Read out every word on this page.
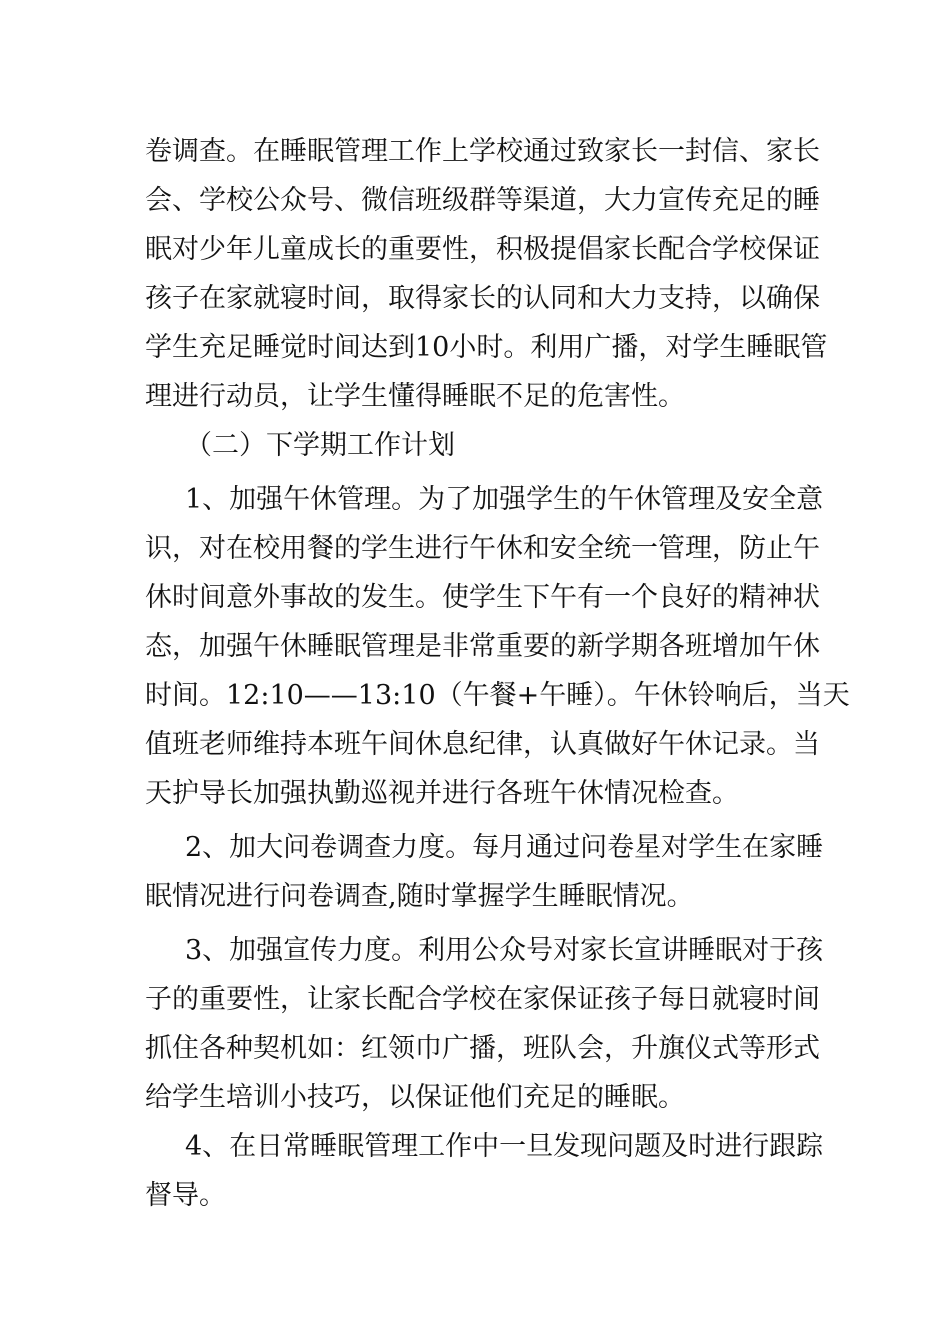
卷调查。在睡眠管理工作上学校通过致家长一封信、家长
会、学校公众号、微信班级群等渠道，大力宣传充足的睡
眠对少年儿童成长的重要性，积极提倡家长配合学校保证
孩子在家就寝时间，取得家长的认同和大力支持，以确保
学生充足睡觉时间达到10小时。利用广播，对学生睡眠管
理进行动员，让学生懂得睡眠不足的危害性。
（二）下学期工作计划
1、加强午休管理。为了加强学生的午休管理及安全意
识，对在校用餐的学生进行午休和安全统一管理，防止午
休时间意外事故的发生。使学生下午有一个良好的精神状
态，加强午休睡眠管理是非常重要的新学期各班增加午休
时间。12:10——13:10（午餐+午睡）。午休铃响后，当天
值班老师维持本班午间休息纪律，认真做好午休记录。当
天护导长加强执勤巡视并进行各班午休情况检查。
2、加大问卷调查力度。每月通过问卷星对学生在家睡
眠情况进行问卷调查,随时掌握学生睡眠情况。
3、加强宣传力度。利用公众号对家长宣讲睡眠对于孩
子的重要性，让家长配合学校在家保证孩子每日就寝时间
抓住各种契机如：红领巾广播，班队会，升旗仪式等形式
给学生培训小技巧，以保证他们充足的睡眠。
4、在日常睡眠管理工作中一旦发现问题及时进行跟踪
督导。
